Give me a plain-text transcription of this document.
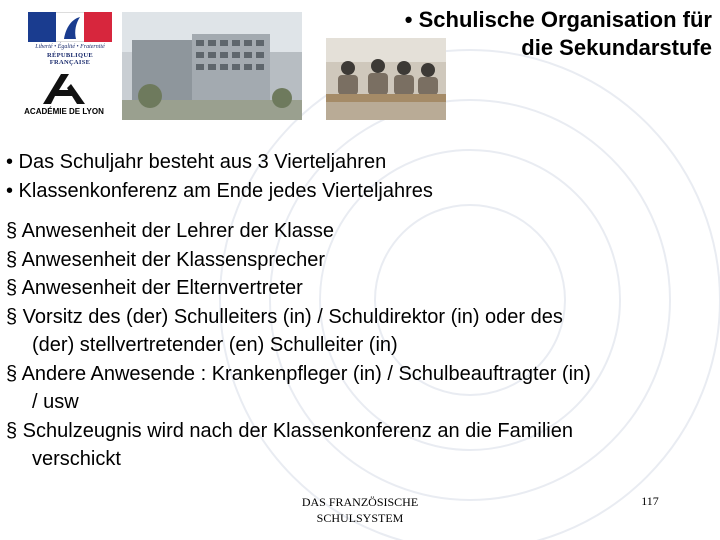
Liberté • Égalité • Fraternité
RÉPUBLIQUE FRANÇAISE
ACADÉMIE DE LYON
• Schulische Organisation für
die Sekundarstufe
• Das Schuljahr besteht aus 3 Vierteljahren
• Klassenkonferenz am Ende jedes Vierteljahres
§ Anwesenheit der Lehrer der Klasse
§ Anwesenheit der Klassensprecher
§ Anwesenheit der Elternvertreter
§ Vorsitz des (der) Schulleiters (in) / Schuldirektor (in) oder des
(der) stellvertretender (en) Schulleiter (in)
§ Andere Anwesende : Krankenpfleger (in) / Schulbeauftragter (in)
/ usw
§ Schulzeugnis wird nach der Klassenkonferenz an die Familien
verschickt
DAS FRANZÖSISCHE
SCHULSYSTEM
117
